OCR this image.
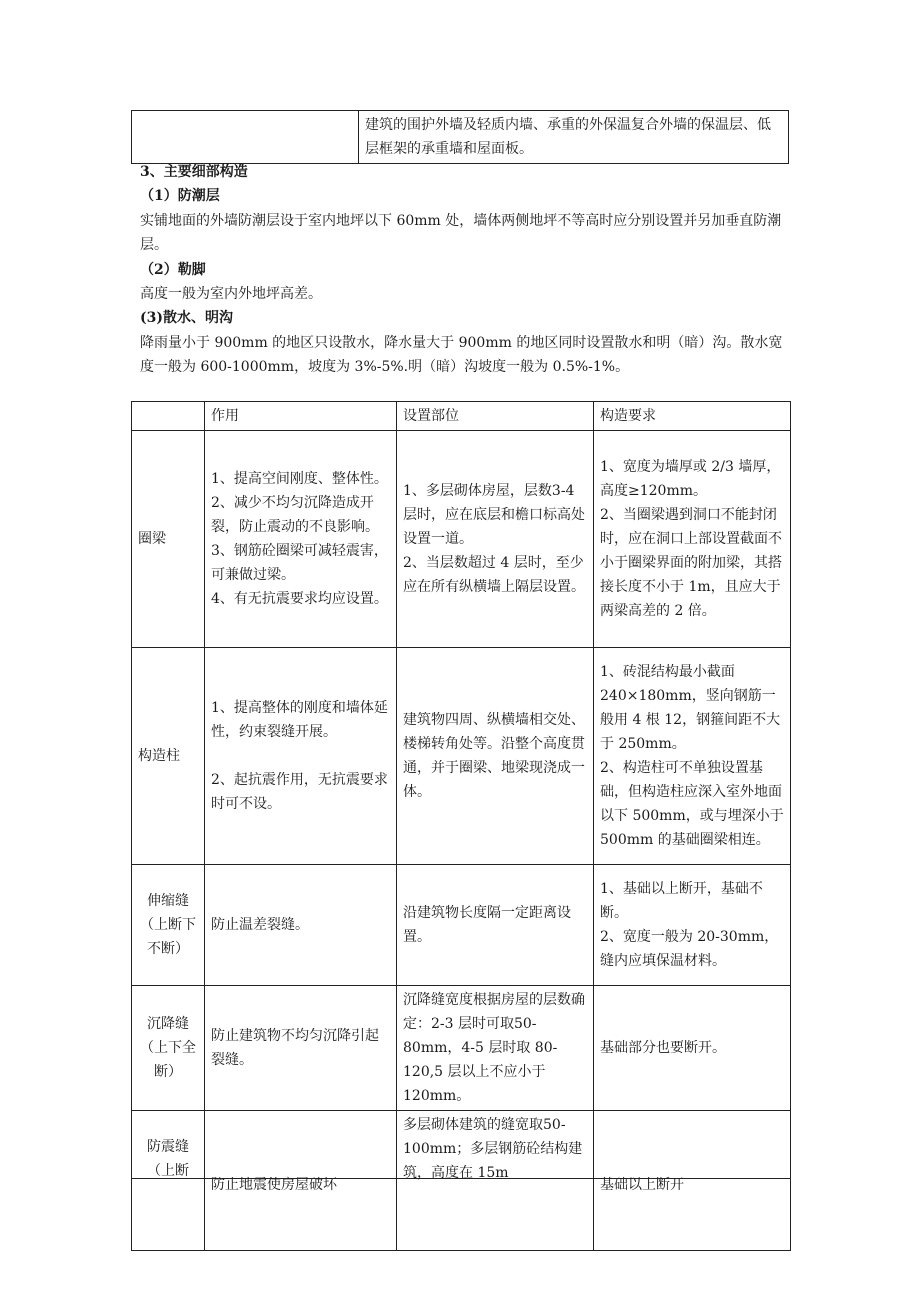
	建筑的围护外墙及轻质内墙、承重的外保温复合外墙的保温层、低层框架的承重墙和屋面板。
3、主要细部构造
（1）防潮层
实铺地面的外墙防潮层设于室内地坪以下 60mm 处，墙体两侧地坪不等高时应分别设置并另加垂直防潮层。
（2）勒脚
高度一般为室内外地坪高差。
(3)散水、明沟
降雨量小于 900mm 的地区只设散水，降水量大于 900mm 的地区同时设置散水和明（暗）沟。散水宽度一般为 600-1000mm，坡度为 3%-5%.明（暗）沟坡度一般为 0.5%-1%。
	作用	设置部位	构造要求
圈梁	1、提高空间刚度、整体性。
2、减少不均匀沉降造成开裂，防止震动的不良影响。
3、钢筋砼圈梁可减轻震害，可兼做过梁。
4、有无抗震要求均应设置。	1、多层砌体房屋，层数3-4 层时，应在底层和檐口标高处设置一道。
2、当层数超过 4 层时，至少应在所有纵横墙上隔层设置。	1、宽度为墙厚或 2/3 墙厚，高度≥120mm。
2、当圈梁遇到洞口不能封闭时，应在洞口上部设置截面不小于圈梁界面的附加梁，其搭接长度不小于 1m，且应大于两梁高差的 2 倍。

构造柱	1、提高整体的刚度和墙体延性，约束裂缝开展。
2、起抗震作用，无抗震要求时可不设。	建筑物四周、纵横墙相交处、楼梯转角处等。沿整个高度贯通，并于圈梁、地梁现浇成一体。	1、砖混结构最小截面240×180mm，竖向钢筋一般用 4 根 12，钢箍间距不大于 250mm。
2、构造柱可不单独设置基础，但构造柱应深入室外地面以下 500mm，或与埋深小于 500mm 的基础圈梁相连。

伸缩缝（上断下不断）	防止温差裂缝。	沿建筑物长度隔一定距离设置。	1、基础以上断开，基础不断。
2、宽度一般为 20-30mm，缝内应填保温材料。

沉降缝（上下全断）	防止建筑物不均匀沉降引起裂缝。	沉降缝宽度根据房屋的层数确定：2-3 层时可取50-80mm，4-5 层时取 80-120,5 层以上不应小于120mm。	基础部分也要断开。
防震缝（上断	防止地震使房屋破坏	多层砌体建筑的缝宽取50-100mm；多层钢筋砼结构建筑，高度在 15m	基础以上断开
